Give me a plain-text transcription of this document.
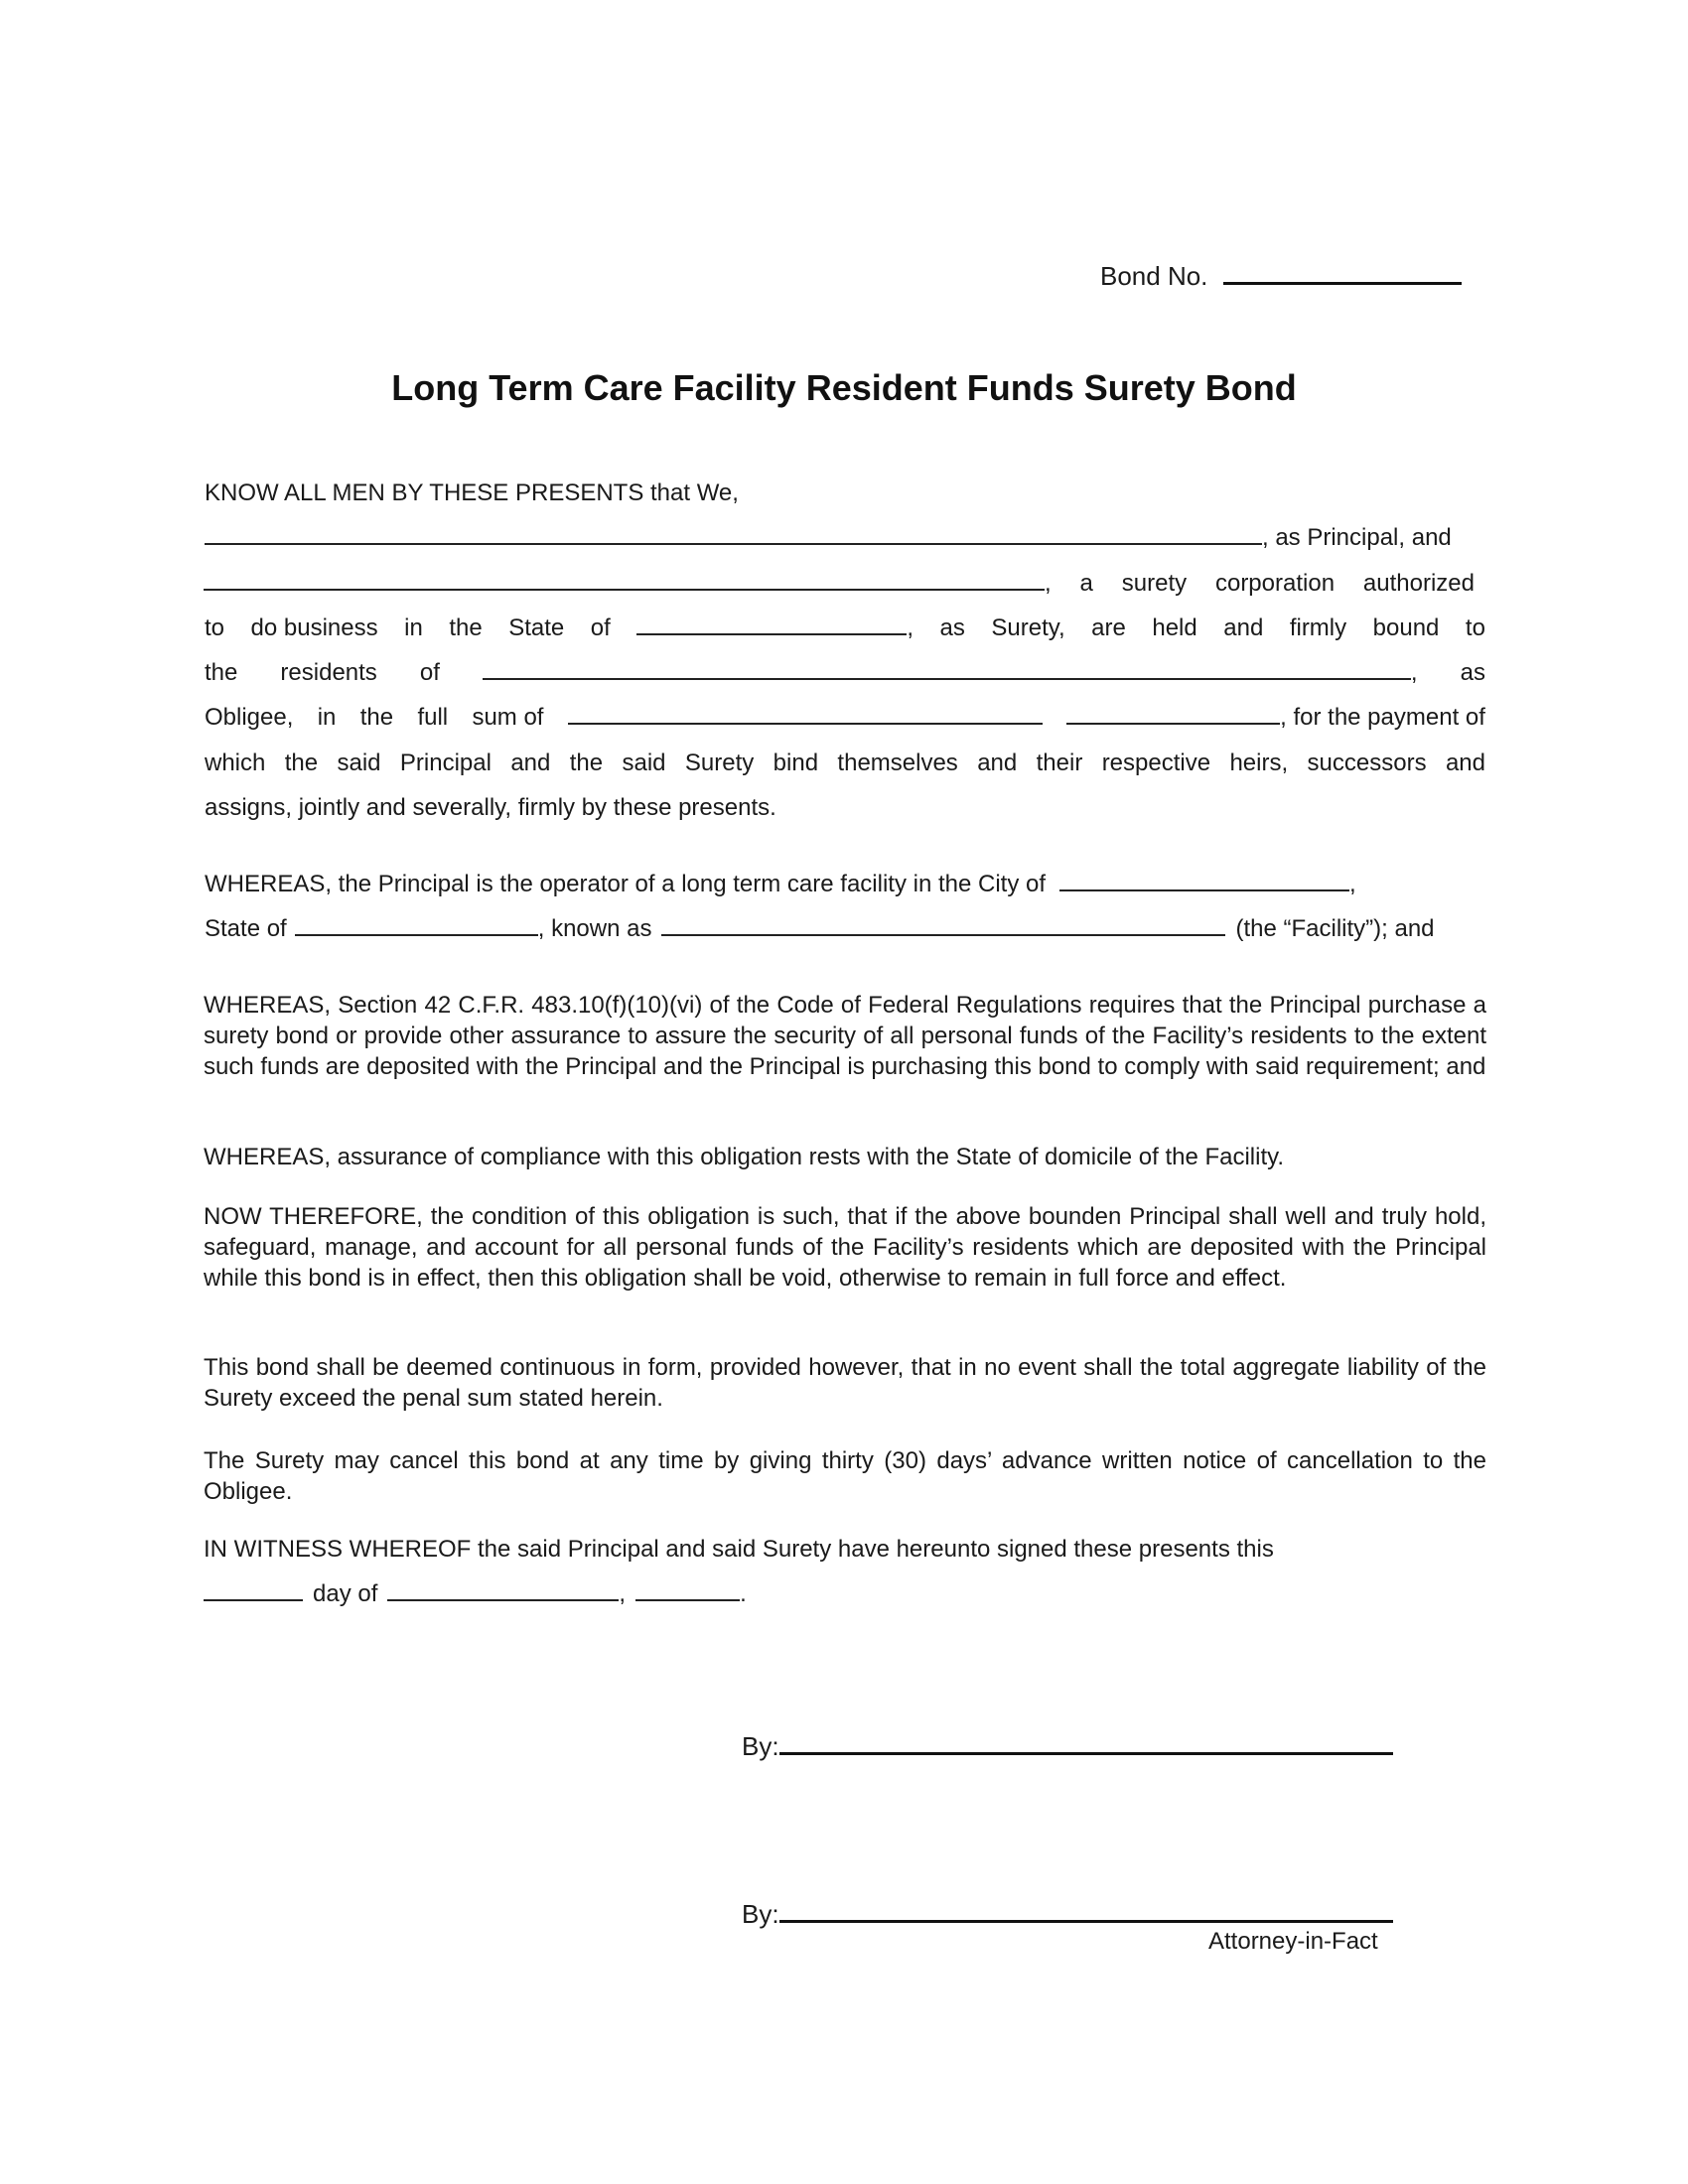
Bond No.
Long Term Care Facility Resident Funds Surety Bond
KNOW ALL MEN BY THESE PRESENTS that We,
, as Principal, and
, a surety corporation authorized
to do business in the State of	, as Surety, are held and firmly bound to
the residents of	, as
Obligee, in the full sum of	, for the payment of
which the said Principal and the said Surety bind themselves and their respective heirs, successors and
assigns, jointly and severally, firmly by these presents.
WHEREAS, the Principal is the operator of a long term care facility in the City of	,
State of	, known as	(the “Facility”); and
WHEREAS, Section 42 C.F.R. 483.10(f)(10)(vi) of the Code of Federal Regulations requires that the Principal purchase a surety bond or provide other assurance to assure the security of all personal funds of the Facility’s residents to the extent such funds are deposited with the Principal and the Principal is purchasing this bond to comply with said requirement; and
WHEREAS, assurance of compliance with this obligation rests with the State of domicile of the Facility.
NOW THEREFORE, the condition of this obligation is such, that if the above bounden Principal shall well and truly hold, safeguard, manage, and account for all personal funds of the Facility’s residents which are deposited with the Principal while this bond is in effect, then this obligation shall be void, otherwise to remain in full force and effect.
This bond shall be deemed continuous in form, provided however, that in no event shall the total aggregate liability of the Surety exceed the penal sum stated herein.
The Surety may cancel this bond at any time by giving thirty (30) days’ advance written notice of cancellation to the Obligee.
IN WITNESS WHEREOF the said Principal and said Surety have hereunto signed these presents this
day of	,	.
By:
By:
Attorney-in-Fact
